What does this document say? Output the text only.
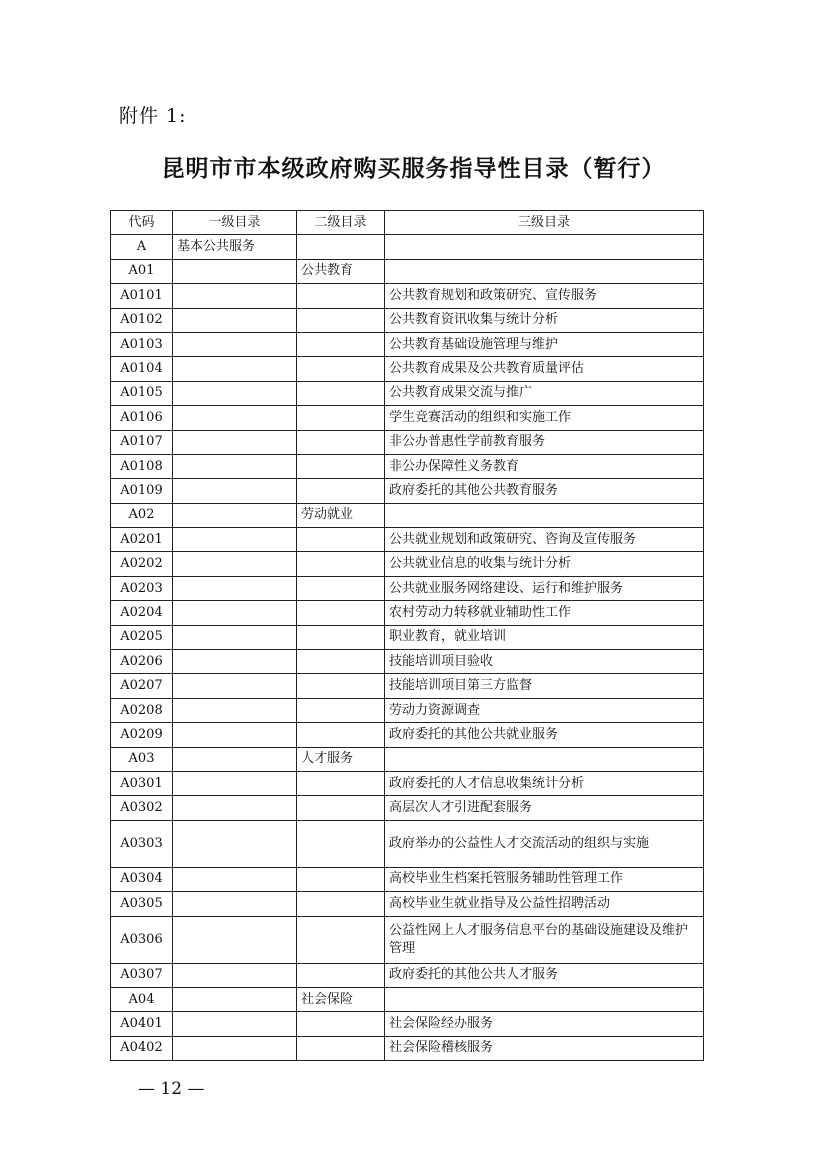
附件 1:
昆明市市本级政府购买服务指导性目录（暂行）
代码	一级目录	二级目录	三级目录
A	基本公共服务		
A01		公共教育	
A0101			公共教育规划和政策研究、宣传服务
A0102			公共教育资讯收集与统计分析
A0103			公共教育基础设施管理与维护
A0104			公共教育成果及公共教育质量评估
A0105			公共教育成果交流与推广
A0106			学生竞赛活动的组织和实施工作
A0107			非公办普惠性学前教育服务
A0108			非公办保障性义务教育
A0109			政府委托的其他公共教育服务
A02		劳动就业	
A0201			公共就业规划和政策研究、咨询及宣传服务
A0202			公共就业信息的收集与统计分析
A0203			公共就业服务网络建设、运行和维护服务
A0204			农村劳动力转移就业辅助性工作
A0205			职业教育，就业培训
A0206			技能培训项目验收
A0207			技能培训项目第三方监督
A0208			劳动力资源调查
A0209			政府委托的其他公共就业服务
A03		人才服务	
A0301			政府委托的人才信息收集统计分析
A0302			高层次人才引进配套服务
A0303			政府举办的公益性人才交流活动的组织与实施
A0304			高校毕业生档案托管服务辅助性管理工作
A0305			高校毕业生就业指导及公益性招聘活动
A0306			公益性网上人才服务信息平台的基础设施建设及维护管理
A0307			政府委托的其他公共人才服务
A04		社会保险	
A0401			社会保险经办服务
A0402			社会保险稽核服务
— 12 —
